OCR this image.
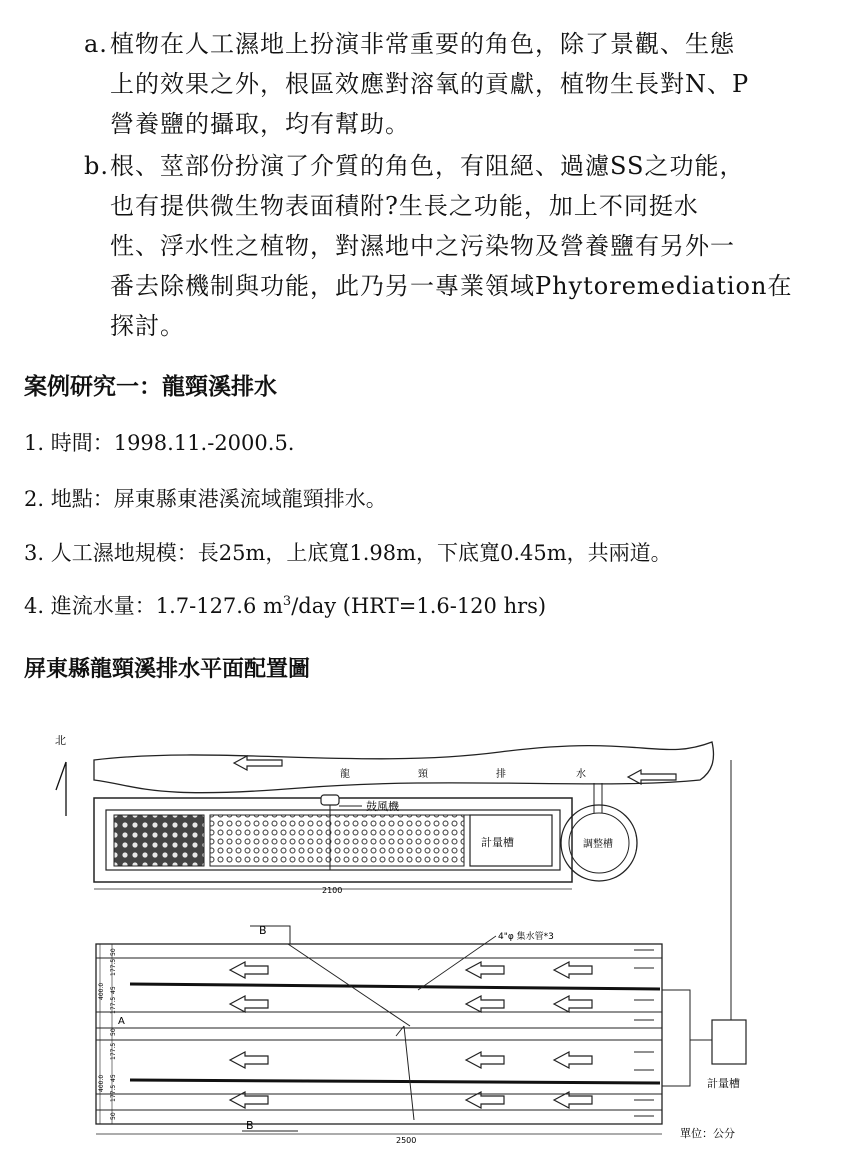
a. 植物在人工濕地上扮演非常重要的角色，除了景觀、生態
上的效果之外，根區效應對溶氧的貢獻，植物生長對N、P
營養鹽的攝取，均有幫助。
b. 根、莖部份扮演了介質的角色，有阻絕、過濾SS之功能，
也有提供微生物表面積附?生長之功能，加上不同挺水
性、浮水性之植物，對濕地中之污染物及營養鹽有另外一
番去除機制與功能，此乃另一專業領域Phytoremediation在
探討。
案例研究一：龍頸溪排水
1. 時間：1998.11.-2000.5.
2. 地點：屏東縣東港溪流域龍頸排水。
3. 人工濕地規模：長25m，上底寬1.98m，下底寬0.45m，共兩道。
4. 進流水量：1.7-127.6 $m^3$/day (HRT=1.6-120 hrs)
屏東縣龍頸溪排水平面配置圖
北
龍	頸	排	水
計量槽
鼓風機
調整槽
2100
B
B
A
4"φ 集水管*3
計量槽
400.0
400.0
50
177.5
45
177.5
50
177.5
45
177.5
50
2500
單位：公分
